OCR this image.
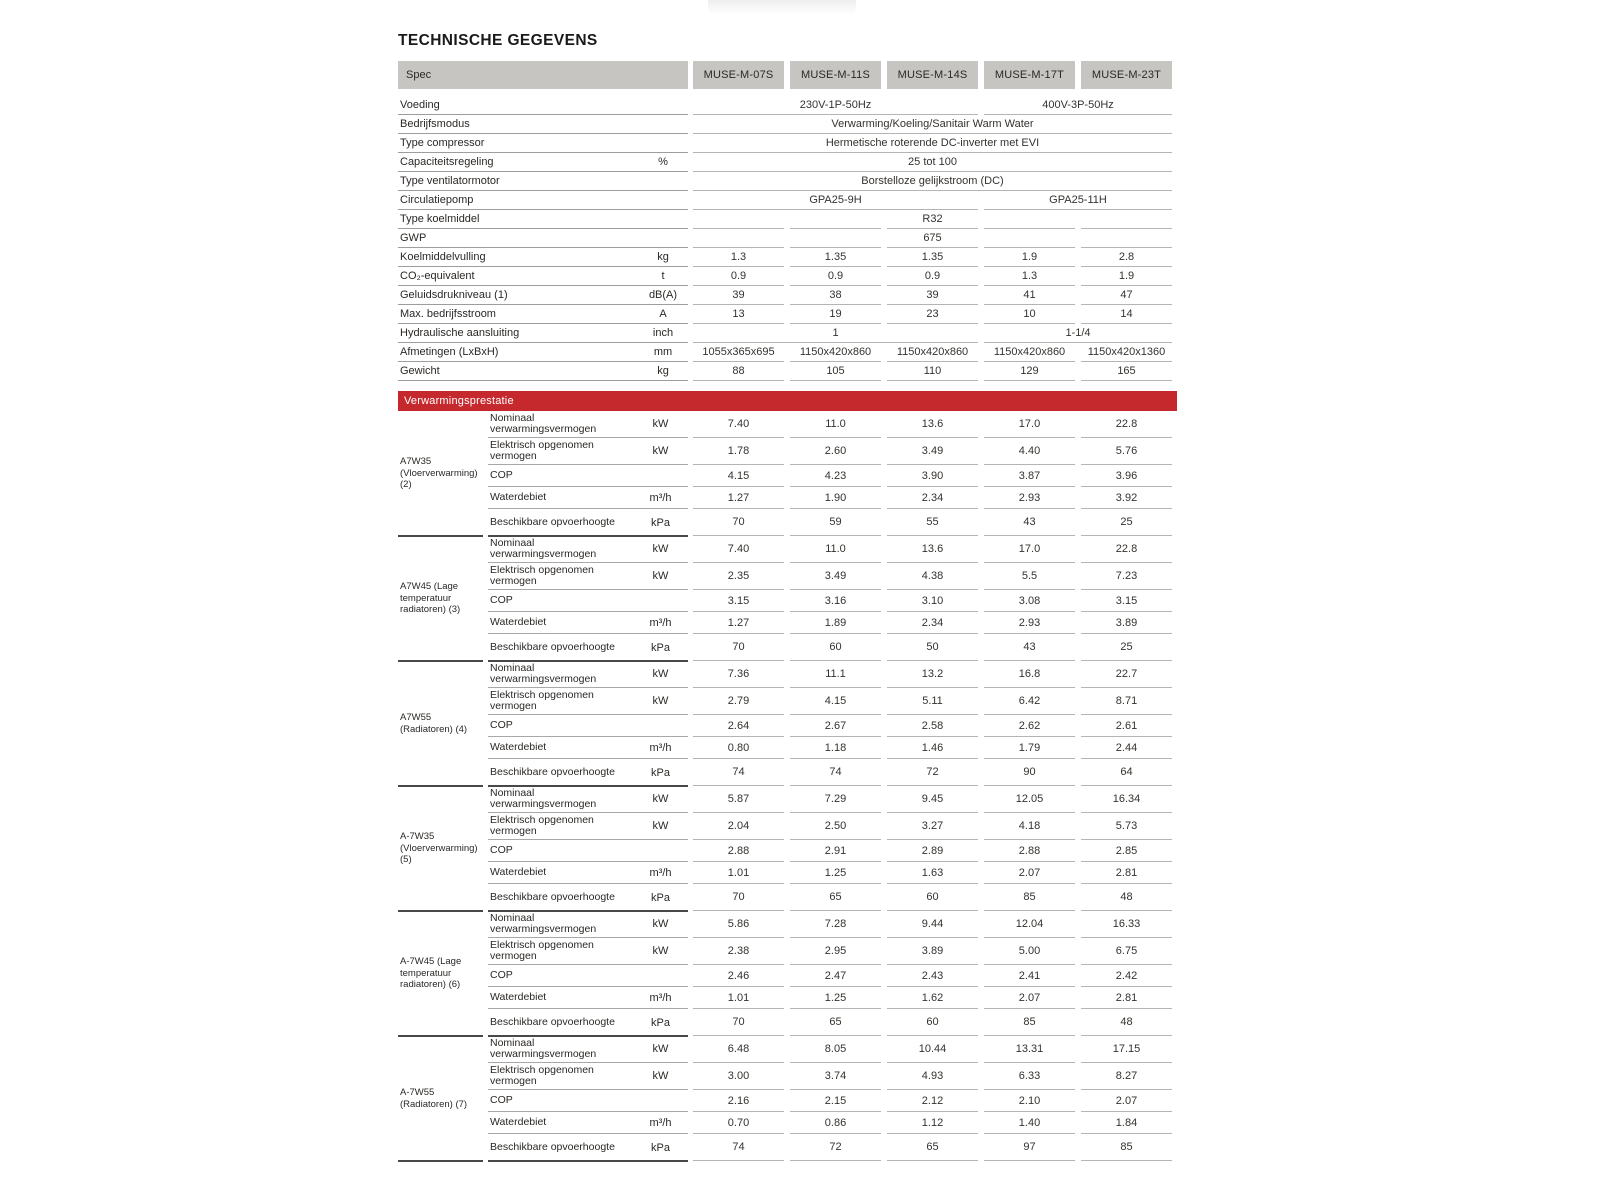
TECHNISCHE GEGEVENS
Spec	MUSE-M-07S	MUSE-M-11S	MUSE-M-14S	MUSE-M-17T	MUSE-M-23T
Voeding	230V-1P-50Hz	400V-3P-50Hz
Bedrijfsmodus	Verwarming/Koeling/Sanitair Warm Water
Type compressor	Hermetische roterende DC-inverter met EVI
Capaciteitsregeling	%	25 tot 100
Type ventilatormotor	Borstelloze gelijkstroom (DC)
Circulatiepomp	GPA25-9H	GPA25-11H
Type koelmiddel	R32
GWP	675
Koelmiddelvulling	kg	1.3	1.35	1.35	1.9	2.8
CO₂-equivalent	t	0.9	0.9	0.9	1.3	1.9
Geluidsdrukniveau (1)	dB(A)	39	38	39	41	47
Max. bedrijfsstroom	A	13	19	23	10	14
Hydraulische aansluiting	inch	1	1-1/4
Afmetingen (LxBxH)	mm	1055x365x695	1150x420x860	1150x420x860	1150x420x860	1150x420x1360
Gewicht	kg	88	105	110	129	165
Verwarmingsprestatie
A7W35 (Vloerverwarming) (2)
Nominaal verwarmingsvermogen	kW	7.40	11.0	13.6	17.0	22.8
Elektrisch opgenomen vermogen	kW	1.78	2.60	3.49	4.40	5.76
COP	4.15	4.23	3.90	3.87	3.96
Waterdebiet	m³/h	1.27	1.90	2.34	2.93	3.92
Beschikbare opvoerhoogte	kPa	70	59	55	43	25
A7W45 (Lage temperatuur radiatoren) (3)
Nominaal verwarmingsvermogen	kW	7.40	11.0	13.6	17.0	22.8
Elektrisch opgenomen vermogen	kW	2.35	3.49	4.38	5.5	7.23
COP	3.15	3.16	3.10	3.08	3.15
Waterdebiet	m³/h	1.27	1.89	2.34	2.93	3.89
Beschikbare opvoerhoogte	kPa	70	60	50	43	25
A7W55 (Radiatoren) (4)
Nominaal verwarmingsvermogen	kW	7.36	11.1	13.2	16.8	22.7
Elektrisch opgenomen vermogen	kW	2.79	4.15	5.11	6.42	8.71
COP	2.64	2.67	2.58	2.62	2.61
Waterdebiet	m³/h	0.80	1.18	1.46	1.79	2.44
Beschikbare opvoerhoogte	kPa	74	74	72	90	64
A-7W35 (Vloerverwarming) (5)
Nominaal verwarmingsvermogen	kW	5.87	7.29	9.45	12.05	16.34
Elektrisch opgenomen vermogen	kW	2.04	2.50	3.27	4.18	5.73
COP	2.88	2.91	2.89	2.88	2.85
Waterdebiet	m³/h	1.01	1.25	1.63	2.07	2.81
Beschikbare opvoerhoogte	kPa	70	65	60	85	48
A-7W45 (Lage temperatuur radiatoren) (6)
Nominaal verwarmingsvermogen	kW	5.86	7.28	9.44	12.04	16.33
Elektrisch opgenomen vermogen	kW	2.38	2.95	3.89	5.00	6.75
COP	2.46	2.47	2.43	2.41	2.42
Waterdebiet	m³/h	1.01	1.25	1.62	2.07	2.81
Beschikbare opvoerhoogte	kPa	70	65	60	85	48
A-7W55 (Radiatoren) (7)
Nominaal verwarmingsvermogen	kW	6.48	8.05	10.44	13.31	17.15
Elektrisch opgenomen vermogen	kW	3.00	3.74	4.93	6.33	8.27
COP	2.16	2.15	2.12	2.10	2.07
Waterdebiet	m³/h	0.70	0.86	1.12	1.40	1.84
Beschikbare opvoerhoogte	kPa	74	72	65	97	85
